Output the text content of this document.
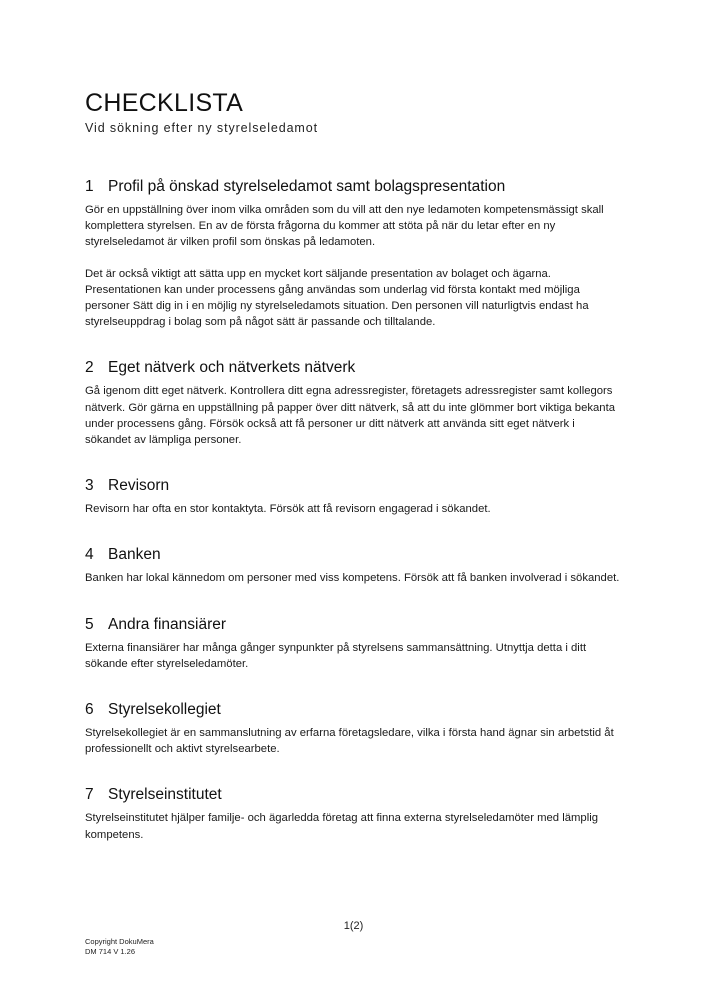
CHECKLISTA
Vid sökning efter ny styrelseledamot
1 Profil på önskad styrelseledamot samt bolagspresentation

Gör en uppställning över inom vilka områden som du vill att den nye ledamoten kompetensmässigt skall komplettera styrelsen. En av de första frågorna du kommer att stöta på när du letar efter en ny styrelseledamot är vilken profil som önskas på ledamoten.

Det är också viktigt att sätta upp en mycket kort säljande presentation av bolaget och ägarna. Presentationen kan under processens gång användas som underlag vid första kontakt med möjliga personer Sätt dig in i en möjlig ny styrelseledamots situation. Den personen vill naturligtvis endast ha styrelseuppdrag i bolag som på något sätt är passande och tilltalande.

2 Eget nätverk och nätverkets nätverk

Gå igenom ditt eget nätverk. Kontrollera ditt egna adressregister, företagets adressregister samt kollegors nätverk. Gör gärna en uppställning på papper över ditt nätverk, så att du inte glömmer bort viktiga bekanta under processens gång. Försök också att få personer ur ditt nätverk att använda sitt eget nätverk i sökandet av lämpliga personer.

3 Revisorn

Revisorn har ofta en stor kontaktyta. Försök att få revisorn engagerad i sökandet.

4 Banken

Banken har lokal kännedom om personer med viss kompetens. Försök att få banken involverad i sökandet.

5 Andra finansiärer

Externa finansiärer har många gånger synpunkter på styrelsens sammansättning. Utnyttja detta i ditt sökande efter styrelseledamöter.

6 Styrelsekollegiet

Styrelsekollegiet är en sammanslutning av erfarna företagsledare, vilka i första hand ägnar sin arbetstid åt professionellt och aktivt styrelsearbete.

7 Styrelseinstitutet

Styrelseinstitutet hjälper familje- och ägarledda företag att finna externa styrelseledamöter med lämplig kompetens.

1(2)
Copyright DokuMera
DM 714 V 1.26
